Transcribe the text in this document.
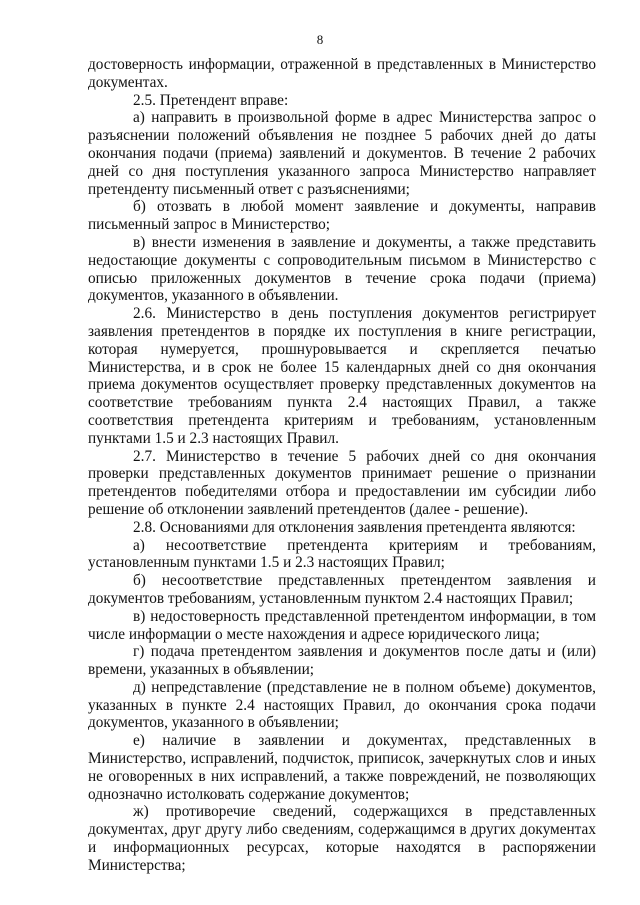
8

достоверность информации, отраженной в представленных в Министерство документах.

2.5. Претендент вправе:

а) направить в произвольной форме в адрес Министерства запрос о разъяснении положений объявления не позднее 5 рабочих дней до даты окончания подачи (приема) заявлений и документов. В течение 2 рабочих дней со дня поступления указанного запроса Министерство направляет претенденту письменный ответ с разъяснениями;

б) отозвать в любой момент заявление и документы, направив письменный запрос в Министерство;

в) внести изменения в заявление и документы, а также представить недостающие документы с сопроводительным письмом в Министерство с описью приложенных документов в течение срока подачи (приема) документов, указанного в объявлении.

2.6. Министерство в день поступления документов регистрирует заявления претендентов в порядке их поступления в книге регистрации, которая нумеруется, прошнуровывается и скрепляется печатью Министерства, и в срок не более 15 календарных дней со дня окончания приема документов осуществляет проверку представленных документов на соответствие требованиям пункта 2.4 настоящих Правил, а также соответствия претендента критериям и требованиям, установленным пунктами 1.5 и 2.3 настоящих Правил.

2.7. Министерство в течение 5 рабочих дней со дня окончания проверки представленных документов принимает решение о признании претендентов победителями отбора и предоставлении им субсидии либо решение об отклонении заявлений претендентов (далее - решение).

2.8. Основаниями для отклонения заявления претендента являются:

а) несоответствие претендента критериям и требованиям, установленным пунктами 1.5 и 2.3 настоящих Правил;

б) несоответствие представленных претендентом заявления и документов требованиям, установленным пунктом 2.4 настоящих Правил;

в) недостоверность представленной претендентом информации, в том числе информации о месте нахождения и адресе юридического лица;

г) подача претендентом заявления и документов после даты и (или) времени, указанных в объявлении;

д) непредставление (представление не в полном объеме) документов, указанных в пункте 2.4 настоящих Правил, до окончания срока подачи документов, указанного в объявлении;

е) наличие в заявлении и документах, представленных в Министерство, исправлений, подчисток, приписок, зачеркнутых слов и иных не оговоренных в них исправлений, а также повреждений, не позволяющих однозначно истолковать содержание документов;

ж) противоречие сведений, содержащихся в представленных документах, друг другу либо сведениям, содержащимся в других документах и информационных ресурсах, которые находятся в распоряжении Министерства;
